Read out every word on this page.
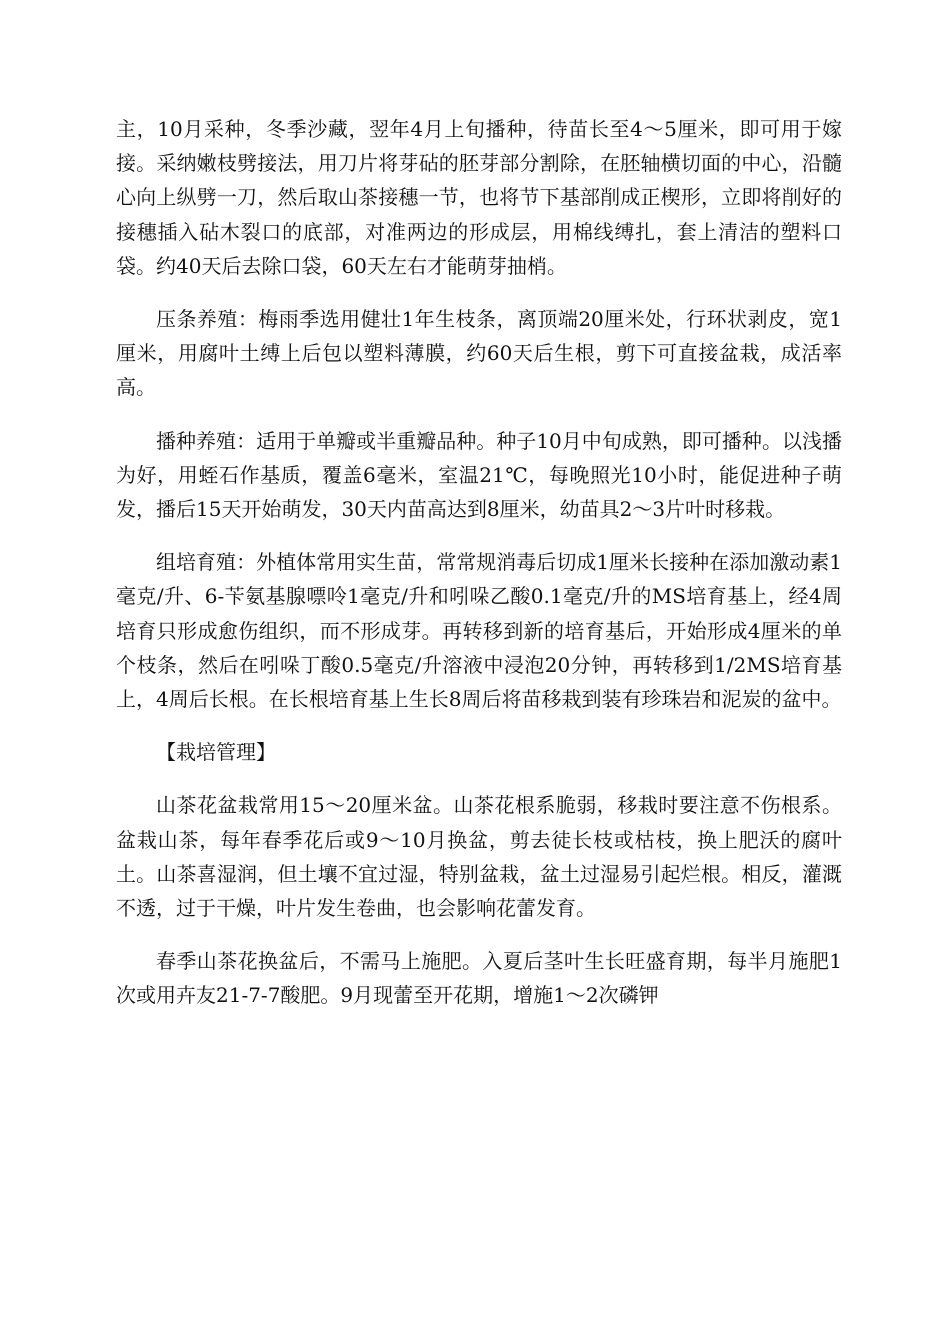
主，10月采种，冬季沙藏，翌年4月上旬播种，待苗长至4～5厘米，即可用于嫁接。采纳嫩枝劈接法，用刀片将芽砧的胚芽部分割除，在胚轴横切面的中心，沿髓心向上纵劈一刀，然后取山茶接穗一节，也将节下基部削成正楔形，立即将削好的接穗插入砧木裂口的底部，对准两边的形成层，用棉线缚扎，套上清洁的塑料口袋。约40天后去除口袋，60天左右才能萌芽抽梢。

压条养殖：梅雨季选用健壮1年生枝条，离顶端20厘米处，行环状剥皮，宽1厘米，用腐叶土缚上后包以塑料薄膜，约60天后生根，剪下可直接盆栽，成活率高。

播种养殖：适用于单瓣或半重瓣品种。种子10月中旬成熟，即可播种。以浅播为好，用蛭石作基质，覆盖6毫米，室温21℃，每晚照光10小时，能促进种子萌发，播后15天开始萌发，30天内苗高达到8厘米，幼苗具2～3片叶时移栽。

组培育殖：外植体常用实生苗，常常规消毒后切成1厘米长接种在添加激动素1毫克/升、6-苄氨基腺嘌呤1毫克/升和吲哚乙酸0.1毫克/升的MS培育基上，经4周培育只形成愈伤组织，而不形成芽。再转移到新的培育基后，开始形成4厘米的单个枝条，然后在吲哚丁酸0.5毫克/升溶液中浸泡20分钟，再转移到1/2MS培育基上，4周后长根。在长根培育基上生长8周后将苗移栽到装有珍珠岩和泥炭的盆中。

【栽培管理】

山茶花盆栽常用15～20厘米盆。山茶花根系脆弱，移栽时要注意不伤根系。盆栽山茶，每年春季花后或9～10月换盆，剪去徒长枝或枯枝，换上肥沃的腐叶土。山茶喜湿润，但土壤不宜过湿，特别盆栽，盆土过湿易引起烂根。相反，灌溉不透，过于干燥，叶片发生卷曲，也会影响花蕾发育。

春季山茶花换盆后，不需马上施肥。入夏后茎叶生长旺盛育期，每半月施肥1次或用卉友21-7-7酸肥。9月现蕾至开花期，增施1～2次磷钾
